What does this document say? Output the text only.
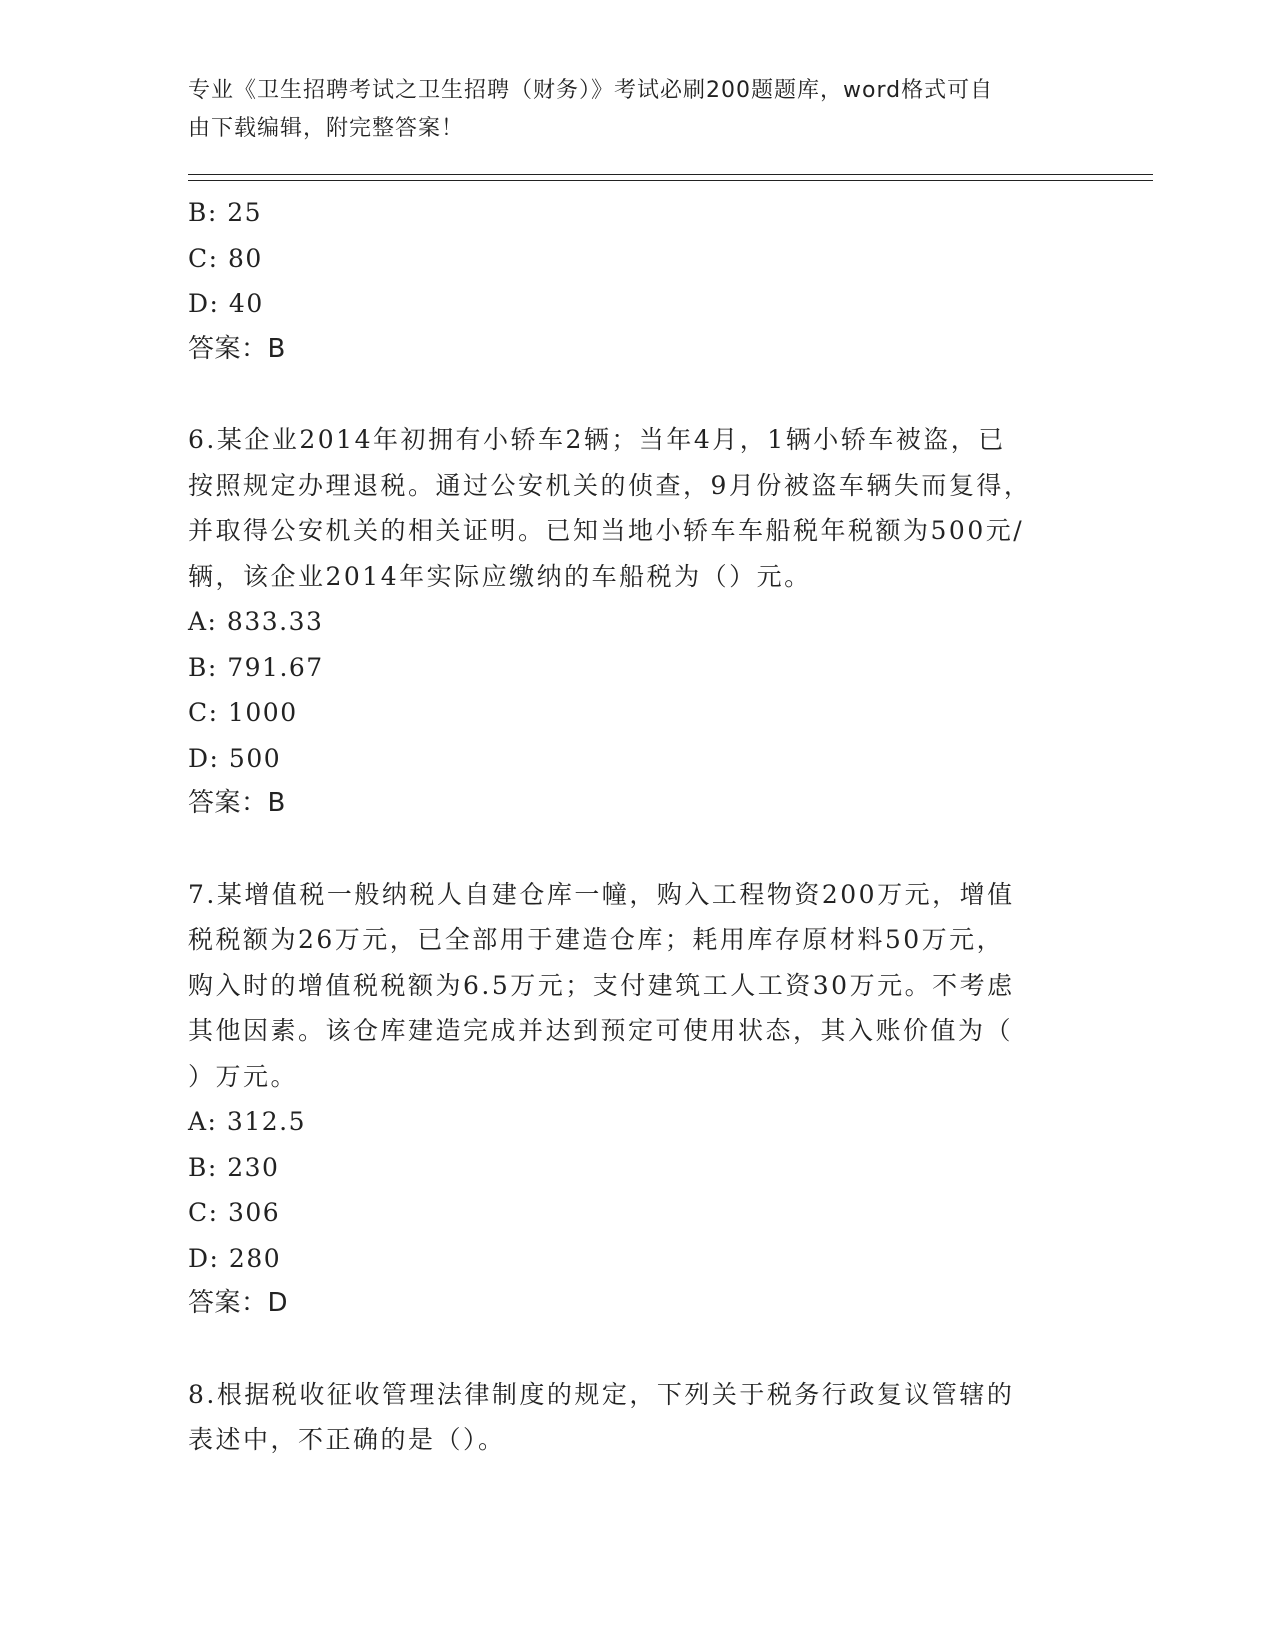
专业《卫生招聘考试之卫生招聘（财务）》考试必刷200题题库，word格式可自
由下载编辑，附完整答案！
B: 25
C: 80
D: 40
答案：B
6.某企业2014年初拥有小轿车2辆；当年4月，1辆小轿车被盗，已
按照规定办理退税。通过公安机关的侦查，9月份被盗车辆失而复得，
并取得公安机关的相关证明。已知当地小轿车车船税年税额为500元/
辆，该企业2014年实际应缴纳的车船税为（）元。
A: 833.33
B: 791.67
C: 1000
D: 500
答案：B
7.某增值税一般纳税人自建仓库一幢，购入工程物资200万元，增值
税税额为26万元，已全部用于建造仓库；耗用库存原材料50万元，
购入时的增值税税额为6.5万元；支付建筑工人工资30万元。不考虑
其他因素。该仓库建造完成并达到预定可使用状态，其入账价值为（
）万元。
A: 312.5
B: 230
C: 306
D: 280
答案：D
8.根据税收征收管理法律制度的规定，下列关于税务行政复议管辖的
表述中，不正确的是（）。
